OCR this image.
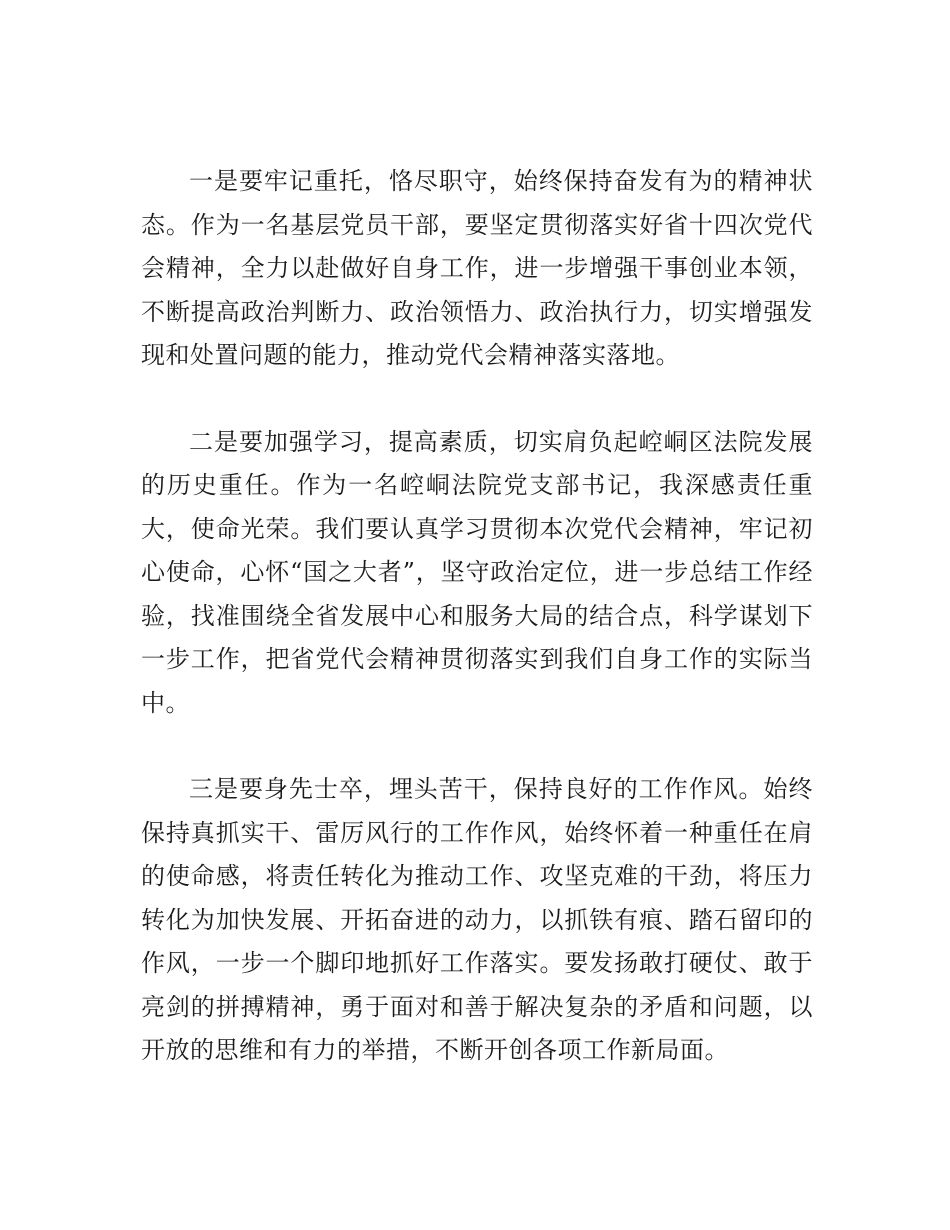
一是要牢记重托，恪尽职守，始终保持奋发有为的精神状态。作为一名基层党员干部，要坚定贯彻落实好省十四次党代会精神，全力以赴做好自身工作，进一步增强干事创业本领，不断提高政治判断力、政治领悟力、政治执行力，切实增强发现和处置问题的能力，推动党代会精神落实落地。

二是要加强学习，提高素质，切实肩负起崆峒区法院发展的历史重任。作为一名崆峒法院党支部书记，我深感责任重大，使命光荣。我们要认真学习贯彻本次党代会精神，牢记初心使命，心怀“国之大者”，坚守政治定位，进一步总结工作经验，找准围绕全省发展中心和服务大局的结合点，科学谋划下一步工作，把省党代会精神贯彻落实到我们自身工作的实际当中。

三是要身先士卒，埋头苦干，保持良好的工作作风。始终保持真抓实干、雷厉风行的工作作风，始终怀着一种重任在肩的使命感，将责任转化为推动工作、攻坚克难的干劲，将压力转化为加快发展、开拓奋进的动力，以抓铁有痕、踏石留印的作风，一步一个脚印地抓好工作落实。要发扬敢打硬仗、敢于亮剑的拼搏精神，勇于面对和善于解决复杂的矛盾和问题，以开放的思维和有力的举措，不断开创各项工作新局面。
